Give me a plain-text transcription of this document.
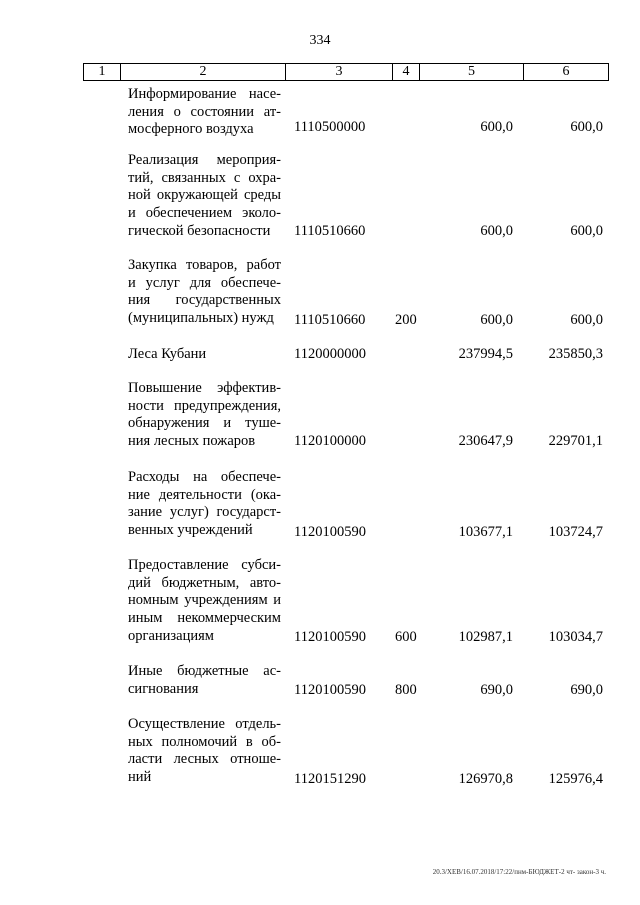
334
1	2	3	4	5	6
Информирование насе-ления о состоянии ат-мосферного воздуха	1110500000	600,0	600,0
Реализация мероприя-тий, связанных с охра-ной окружающей среды и обеспечением эколо-гической безопасности	1110510660	600,0	600,0
Закупка товаров, работ и услуг для обеспече-ния государственных (муниципальных) нужд	1110510660 200	600,0	600,0
Леса Кубани	1120000000	237994,5 235850,3
Повышение эффектив-ности предупреждения, обнаружения и туше-ния лесных пожаров	1120100000	230647,9 229701,1
Расходы на обеспече-ние деятельности (ока-зание услуг) государст-венных учреждений	1120100590	103677,1 103724,7
Предоставление субси-дий бюджетным, авто-номным учреждениям и иным некоммерческим организациям	1120100590 600	102987,1 103034,7
Иные бюджетные ас-сигнования	1120100590 800	690,0	690,0
Осуществление отдель-ных полномочий в об-ласти лесных отноше-ний	1120151290	126970,8 125976,4
20.3/ХЕВ/16.07.2018/17:22/пнм-БЮДЖЕТ-2 чт- закон-3 ч.
